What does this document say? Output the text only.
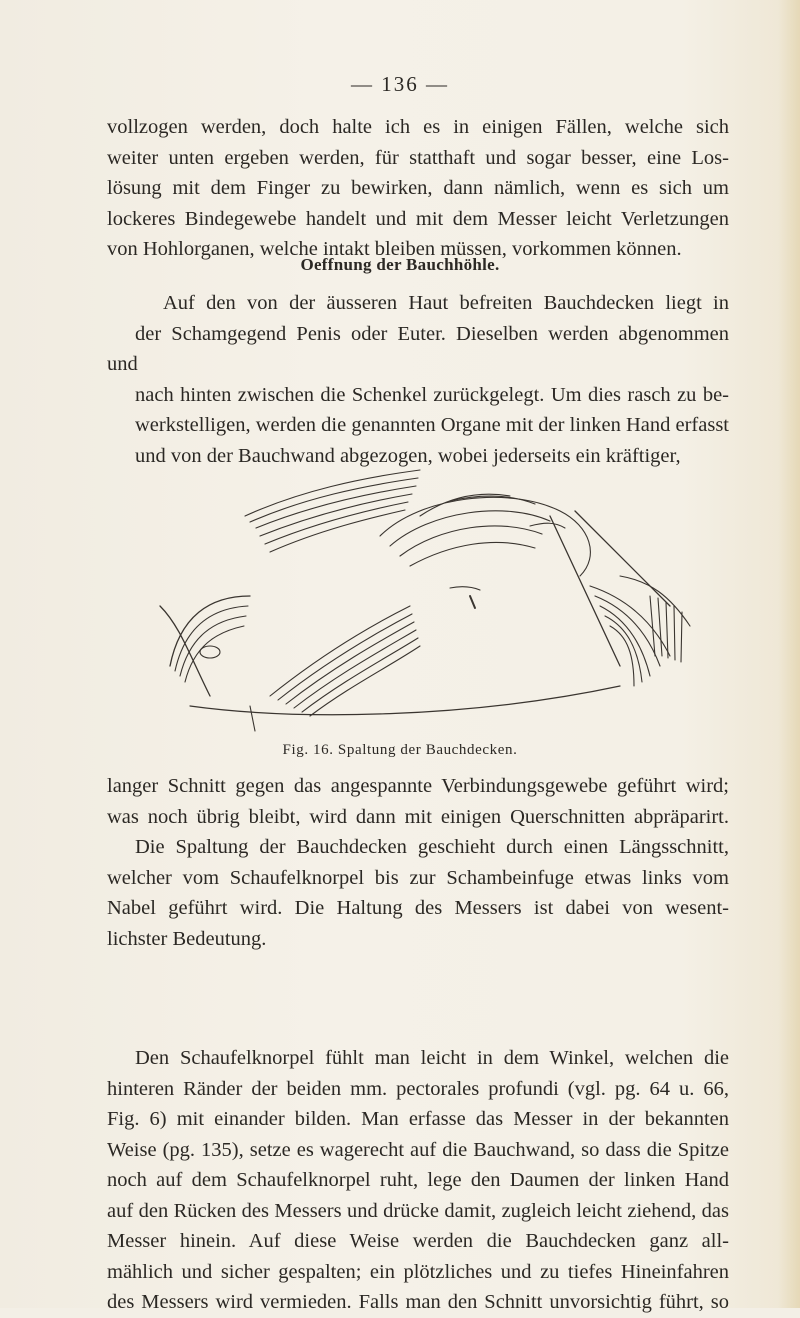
— 136 —
vollzogen werden, doch halte ich es in einigen Fällen, welche sich
weiter unten ergeben werden, für statthaft und sogar besser, eine Los-
lösung mit dem Finger zu bewirken, dann nämlich, wenn es sich um
lockeres Bindegewebe handelt und mit dem Messer leicht Verletzungen
von Hohlorganen, welche intakt bleiben müssen, vorkommen können.
Oeffnung der Bauchhöhle.
Auf den von der äusseren Haut befreiten Bauchdecken liegt in
der Schamgegend Penis oder Euter. Dieselben werden abgenommen und
nach hinten zwischen die Schenkel zurückgelegt. Um dies rasch zu be-
werkstelligen, werden die genannten Organe mit der linken Hand erfasst
und von der Bauchwand abgezogen, wobei jederseits ein kräftiger,
Fig. 16. Spaltung der Bauchdecken.
langer Schnitt gegen das angespannte Verbindungsgewebe geführt wird;
was noch übrig bleibt, wird dann mit einigen Querschnitten abpräparirt.
Die Spaltung der Bauchdecken geschieht durch einen Längsschnitt,
welcher vom Schaufelknorpel bis zur Schambeinfuge etwas links vom
Nabel geführt wird. Die Haltung des Messers ist dabei von wesent-
lichster Bedeutung.
Den Schaufelknorpel fühlt man leicht in dem Winkel, welchen die
hinteren Ränder der beiden mm. pectorales profundi (vgl. pg. 64 u. 66,
Fig. 6) mit einander bilden. Man erfasse das Messer in der bekannten
Weise (pg. 135), setze es wagerecht auf die Bauchwand, so dass die Spitze
noch auf dem Schaufelknorpel ruht, lege den Daumen der linken Hand
auf den Rücken des Messers und drücke damit, zugleich leicht ziehend, das
Messer hinein. Auf diese Weise werden die Bauchdecken ganz all-
mählich und sicher gespalten; ein plötzliches und zu tiefes Hineinfahren
des Messers wird vermieden. Falls man den Schnitt unvorsichtig führt, so
